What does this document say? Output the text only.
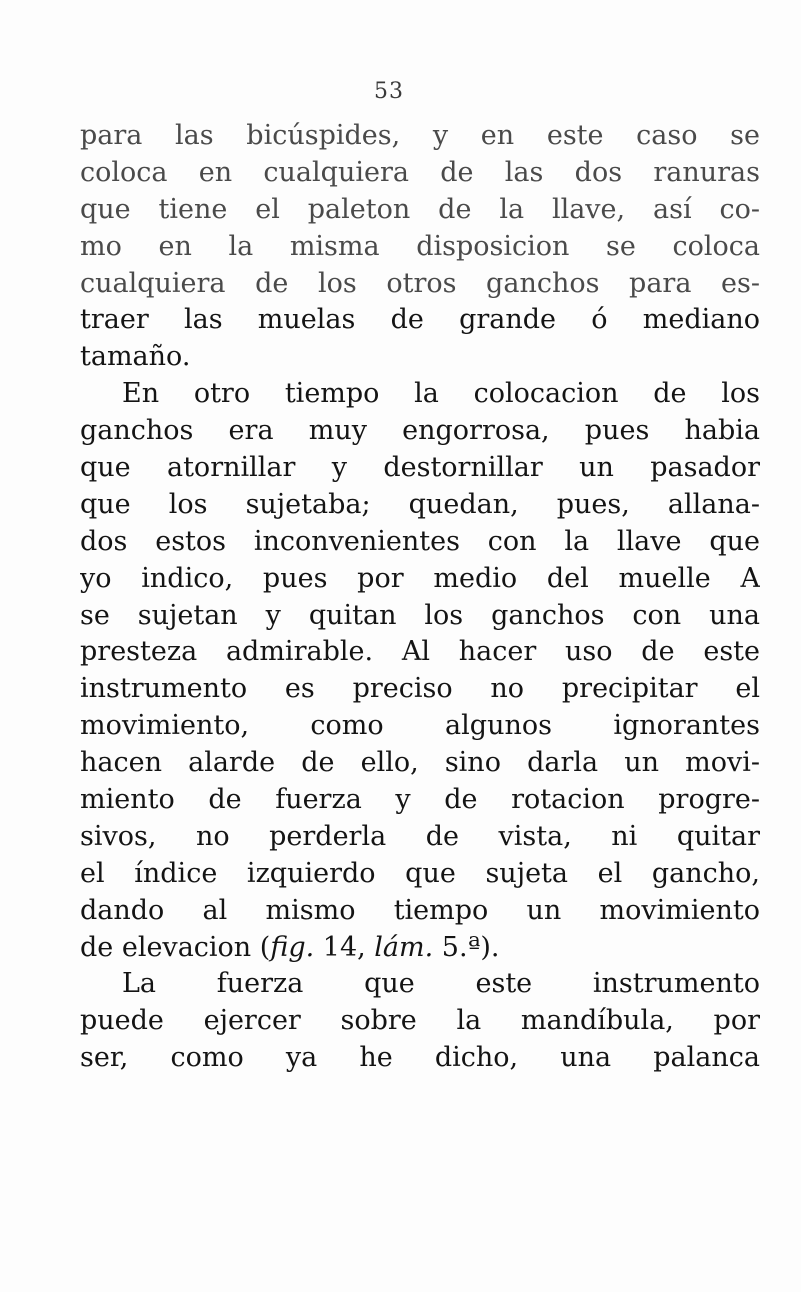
53
para las bicúspides, y en este caso se
coloca en cualquiera de las dos ranuras
que tiene el paleton de la llave, así co-
mo en la misma disposicion se coloca
cualquiera de los otros ganchos para es-
traer las muelas de grande ó mediano
tamaño.
En otro tiempo la colocacion de los
ganchos era muy engorrosa, pues habia
que atornillar y destornillar un pasador
que los sujetaba; quedan, pues, allana-
dos estos inconvenientes con la llave que
yo indico, pues por medio del muelle A
se sujetan y quitan los ganchos con una
presteza admirable. Al hacer uso de este
instrumento es preciso no precipitar el
movimiento, como algunos ignorantes
hacen alarde de ello, sino darla un movi-
miento de fuerza y de rotacion progre-
sivos, no perderla de vista, ni quitar
el índice izquierdo que sujeta el gancho,
dando al mismo tiempo un movimiento
de elevacion (fig. 14, lám. 5.ª).
La fuerza que este instrumento
puede ejercer sobre la mandíbula, por
ser, como ya he dicho, una palanca
